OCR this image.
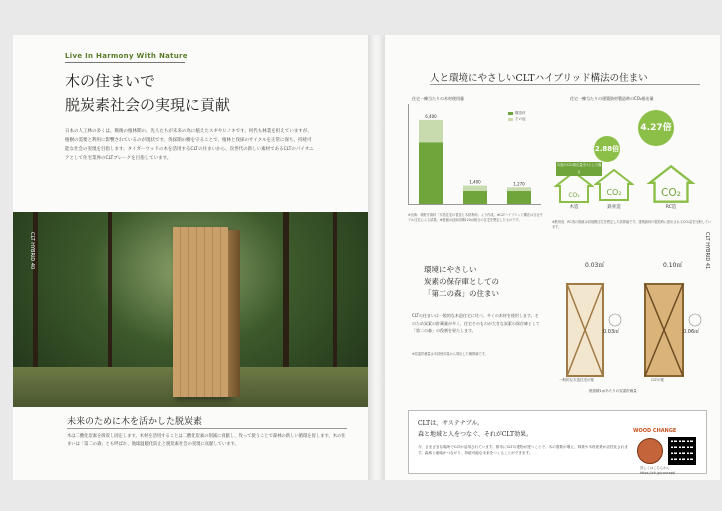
Live In Harmony With Nature
木の住まいで
脱炭素社会の実現に貢献
日本の人工林の多くは、戦後の植林期の、先人たちが未来の為に植えたスギやヒノキです。何代も林業を担えていますが、植樹の需要と利用に影響されているのが現状です。伐採期の樹を守ることで、植林と伐採のサイクルを正常に保ち、持続可能な社会の実現を目指します。タイガーウッドの木を活用するCLTの住まいから、次世代の新しい素材であるCLTのパイオニアとして住宅業界のCLTブレークを目指しています。
CLT HYBRID 40
未来のために木を活かした脱炭素
木は二酸化炭素を吸収し固定します。木材を活用することは二酸化炭素の削減に貢献し、伐って使うことで森林の新しい循環を促します。木の住まいは「第二の森」とも呼ばれ、地球温暖化防止と脱炭素社会の実現に貢献しています。
人と環境にやさしいCLTハイブリッド構法の住まい
住宅一棟当たりの木材使用量
6,400
1,400	1,270
構造材
その他
※出典：林野庁資料「木造住宅の普及と木材利用」より作成。※CLTハイブリッド構法は当社モデル住宅による試算。※数値は延床面積120㎡相当の住宅を想定したものです。
住宅一棟当たりの建築資材製造時のCO₂排出量
2.88倍
4.27倍
CO₂	CO₂	CO₂
木造	鉄骨造	RC造
木造のCO₂排出量を1とした場合
※鉄骨造、RC造の数値は同規模住宅を想定した試算値です。建築資材の製造時に排出されるCO₂量を比較しています。
環境にやさしい
炭素の保存庫としての
「第二の森」の住まい
CLTの住まいは一般的な木造住宅に比べ、多くの木材を使用します。そのため炭素の貯蔵量が多く、住宅そのものが大きな炭素の保存庫として「第二の森」の役割を果たします。
※炭素貯蔵量は木材使用量から算出した概算値です。
0.03㎥	0.10㎥
0.03㎥	0.06㎥
一般的な木造住宅の壁	CLTの壁
壁面積1㎡あたりの炭素貯蔵量
CLT HYBRID 41
CLTは、サステナブル。
森と地域と人をつなぐ、それがCLT効果。
今、さまざまな場所でCLTが活用されています。都市にCLTの建物が建つことで、木の需要が増え、林業や木材産業が活性化されます。森林と地域がつながり、持続可能な未来をつくることができます。
WOOD CHANGE
詳しくはこちらから
https://clt.jp/concept/
